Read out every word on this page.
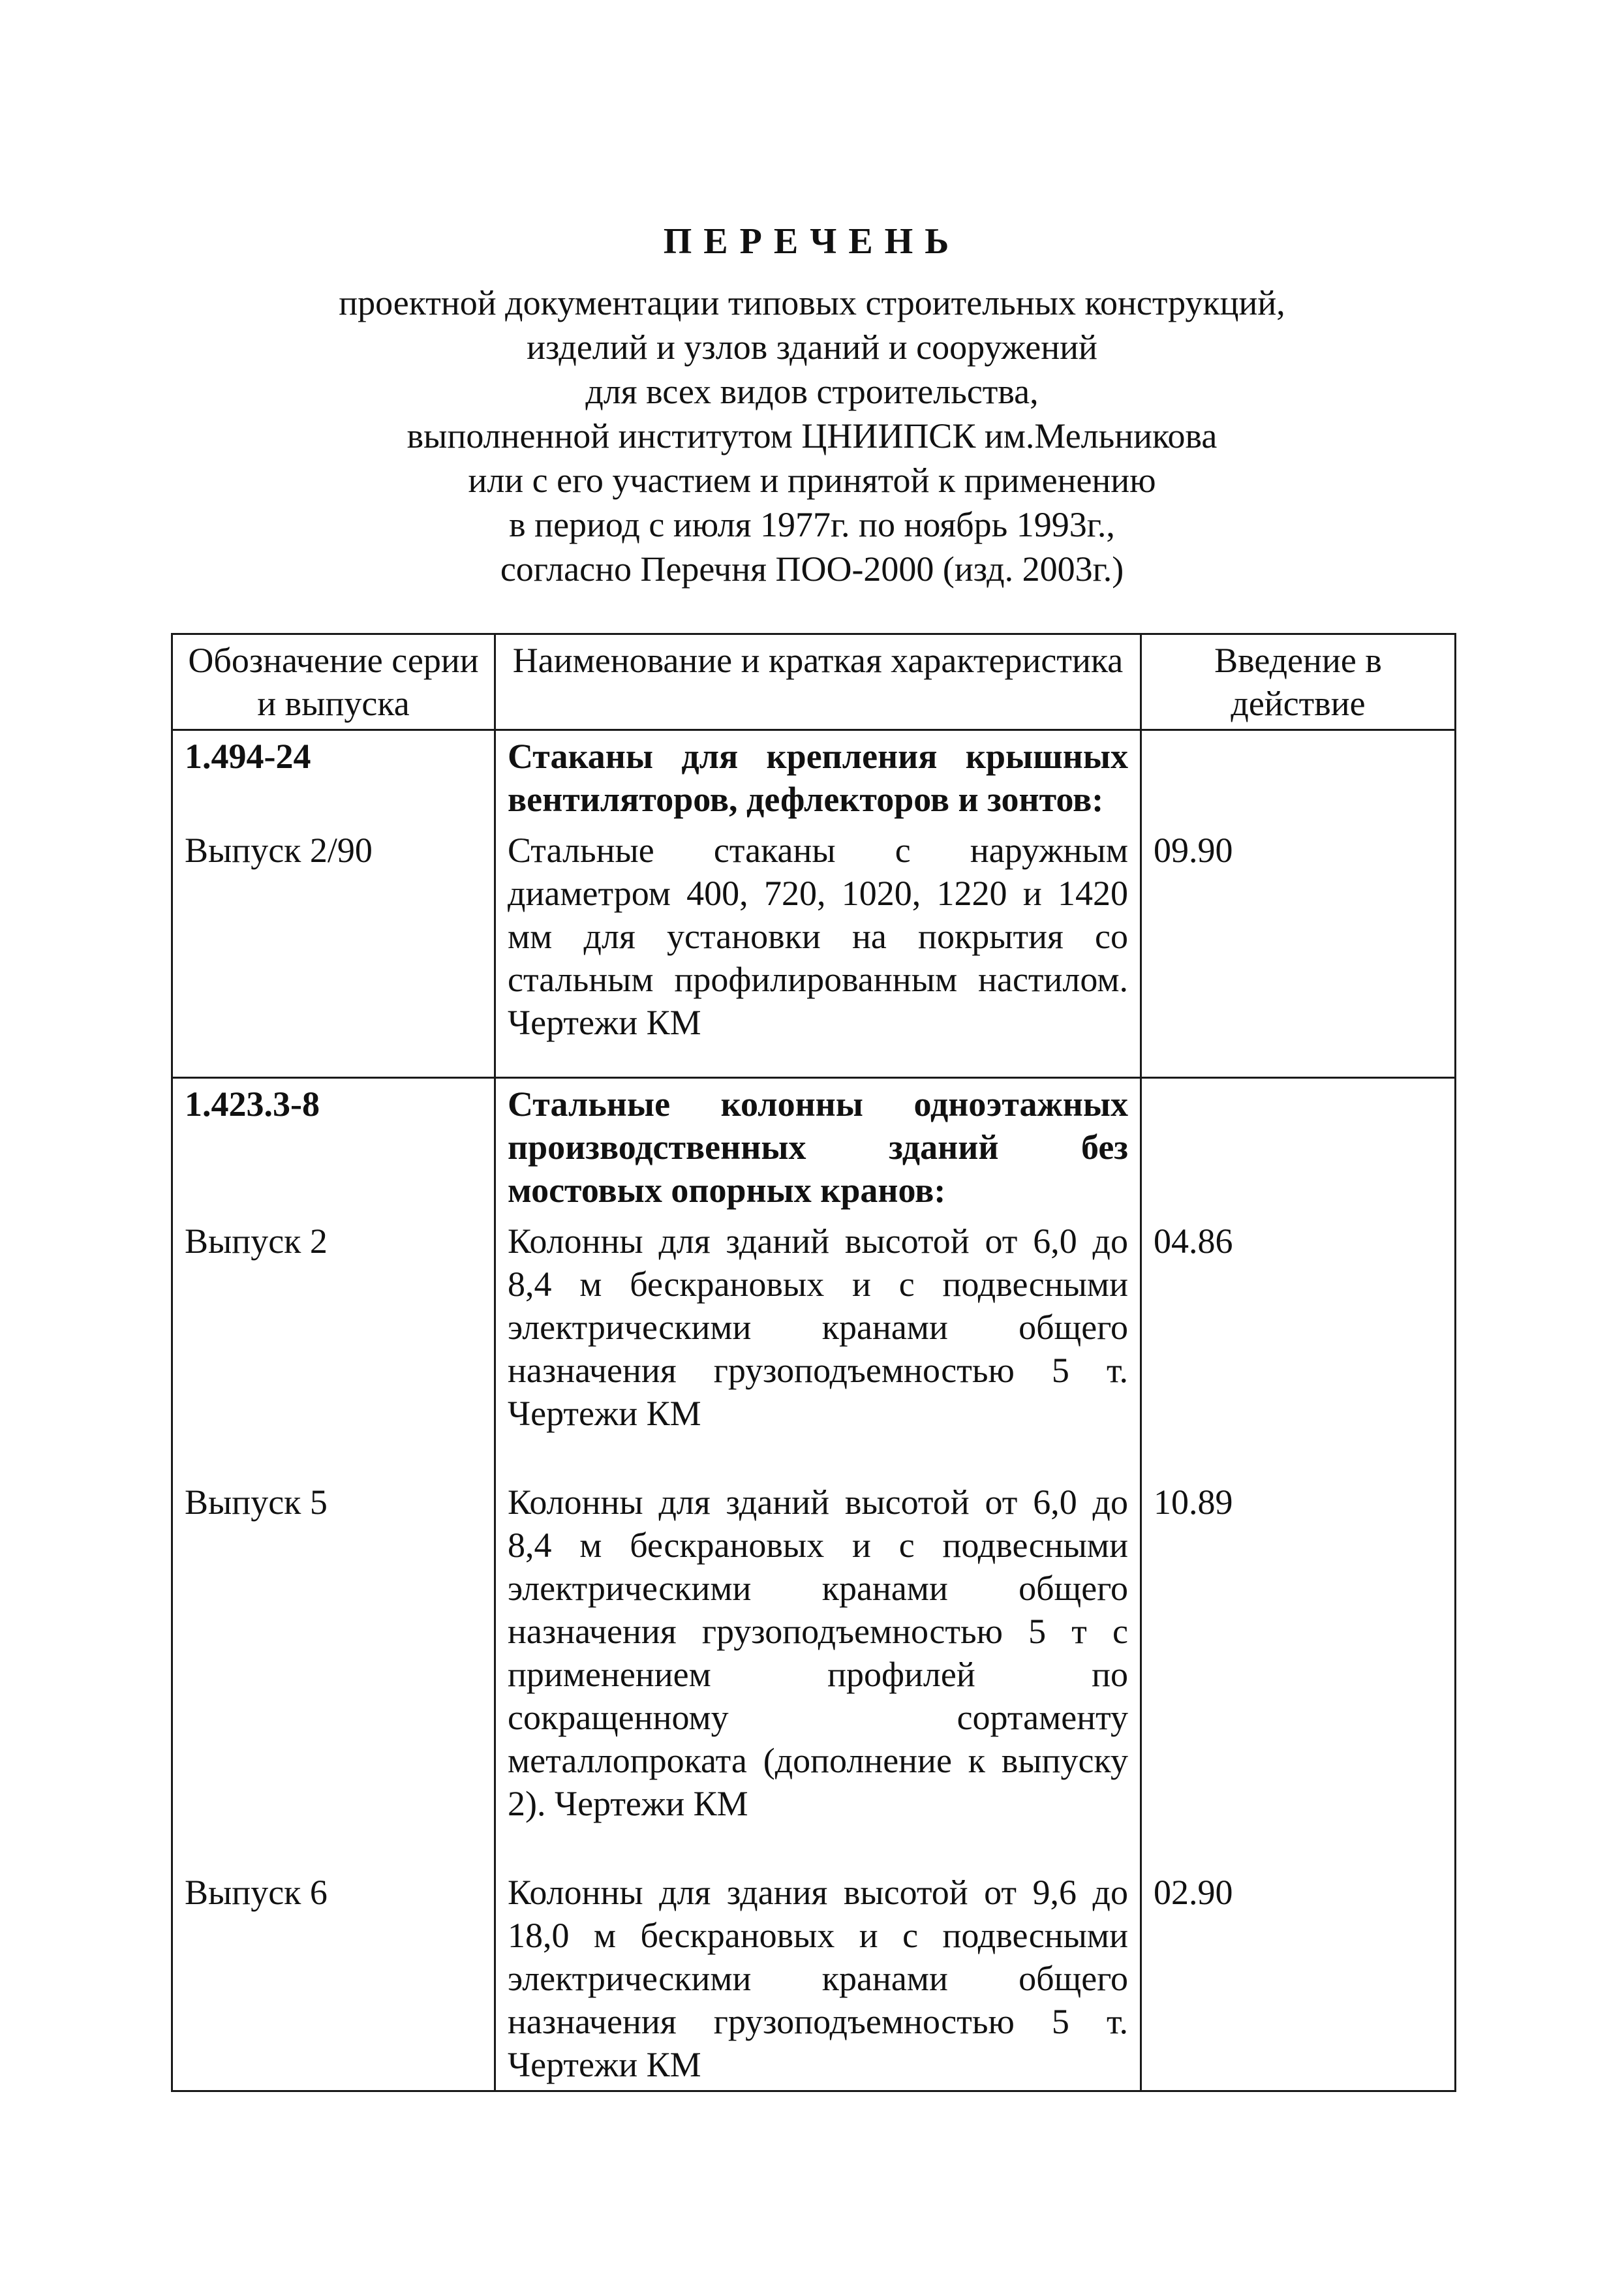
ПЕРЕЧЕНЬ
проектной документации типовых строительных конструкций,
изделий и узлов зданий и сооружений
для всех видов строительства,
выполненной институтом ЦНИИПСК им.Мельникова
или с его участием и принятой к применению
в период с июля 1977г. по ноябрь 1993г.,
согласно Перечня ПОО-2000 (изд. 2003г.)
Обозначение серии и выпуска	Наименование и краткая характеристика	Введение в действие
1.494-24	Стаканы для крепления крышных вентиляторов, дефлекторов и зонтов:	

Выпуск 2/90	Стальные стаканы с наружным диаметром 400, 720, 1020, 1220 и 1420 мм для установки на покрытия со стальным профилированным настилом. Чертежи КМ	09.90
1.423.3-8	Стальные колонны одноэтажных производственных зданий без мостовых опорных кранов:	

Выпуск 2	Колонны для зданий высотой от 6,0 до 8,4 м бескрановых и с подвесными электрическими кранами общего назначения грузоподъемностью 5 т. Чертежи КМ	04.86
Выпуск 5	Колонны для зданий высотой от 6,0 до 8,4 м бескрановых и с подвесными электрическими кранами общего назначения грузоподъемностью 5 т с применением профилей по сокращенному сортаменту металлопроката (дополнение к выпуску 2). Чертежи КМ	10.89
Выпуск 6	Колонны для здания высотой от 9,6 до 18,0 м бескрановых и с подвесными электрическими кранами общего назначения грузоподъемностью 5 т. Чертежи КМ	02.90
